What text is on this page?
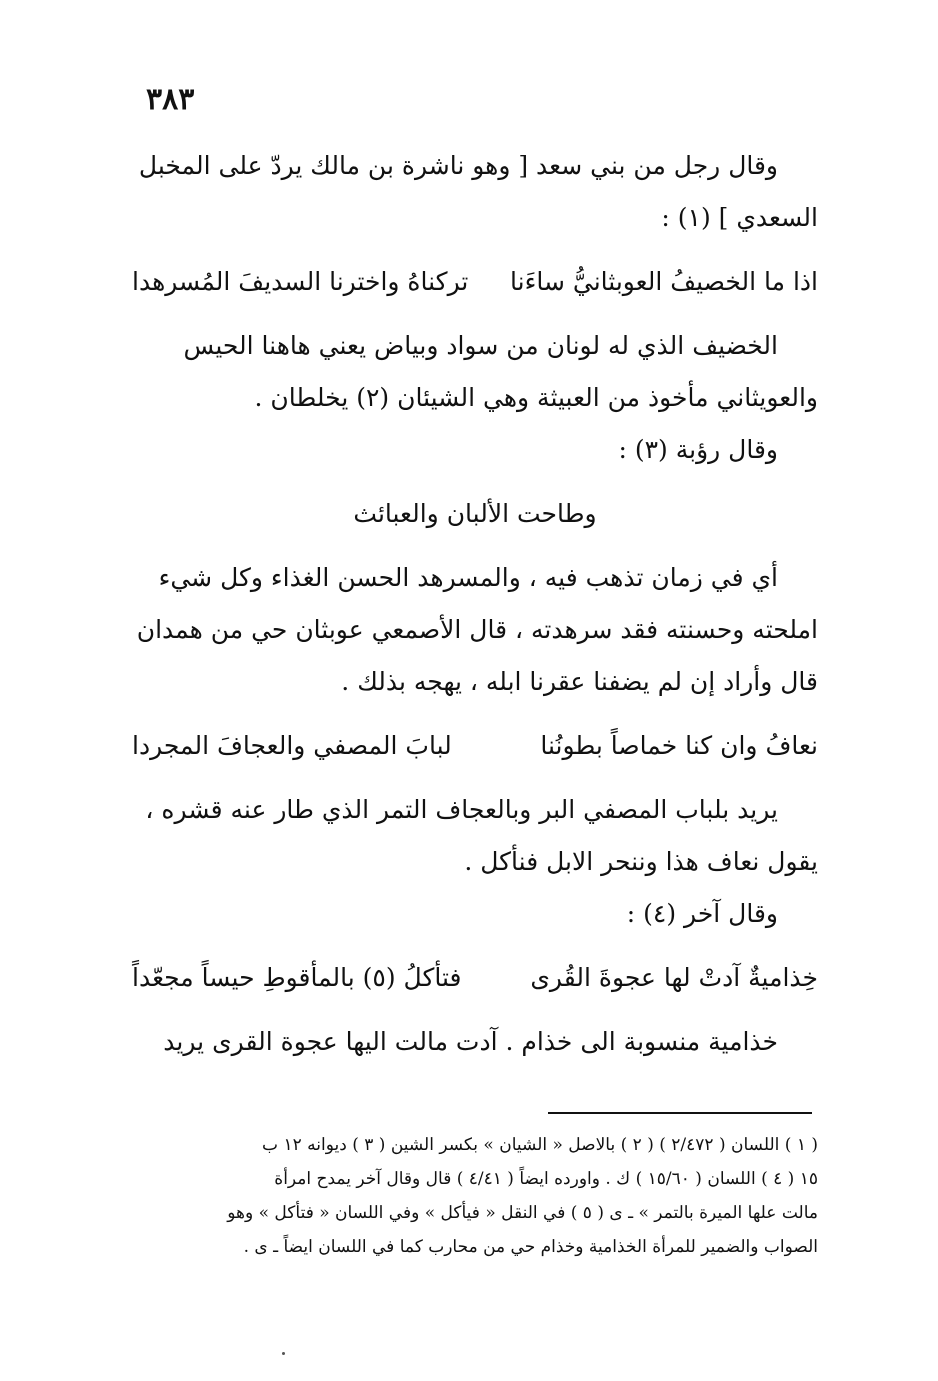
٣٨٣
وقال رجل من بني سعد [ وهو ناشرة بن مالك يردّ على المخبل
السعدي ] (١) :
اذا ما الخصيفُ العوبثانيُّ ساءَنا
تركناهُ واخترنا السديفَ المُسرهدا
الخضيف الذي له لونان من سواد وبياض يعني هاهنا الحيس
والعويثاني مأخوذ من العبيثة وهي الشيئان (٢) يخلطان .
وقال رؤبة (٣) :
وطاحت الألبان والعبائث
أي في زمان تذهب فيه ، والمسرهد الحسن الغذاء وكل شيء
املحته وحسنته فقد سرهدته ، قال الأصمعي عوبثان حي من همدان
قال وأراد إن لم يضفنا عقرنا ابله ، يهجه بذلك .
نعافُ وان كنا خماصاً بطونُنا
لبابَ المصفي والعجافَ المجردا
يريد بلباب المصفي البر وبالعجاف التمر الذي طار عنه قشره ،
يقول نعاف هذا وننحر الابل فنأكل .
وقال آخر (٤) :
خِذاميةٌ آدتْ لها عجوةَ القُرى
فتأكلُ (٥) بالمأقوطِ حيساً مجعّداً
خذامية منسوبة الى خذام . آدت مالت اليها عجوة القرى يريد
( ١ ) اللسان ( ٢/٤٧٢ ) ( ٢ ) بالاصل « الشيان » بكسر الشين ( ٣ ) ديوانه ١٢ ب
١٥ ( ٤ ) اللسان ( ١٥/٦٠ ) ك . واورده ايضاً ( ٤/٤١ ) قال وقال آخر يمدح امرأة
مالت علها الميرة بالتمر » ـ ى ( ٥ ) في النقل « فيأكل » وفي اللسان « فتأكل » وهو
الصواب والضمير للمرأة الخذامية وخذام حي من محارب كما في اللسان ايضاً ـ ى .
